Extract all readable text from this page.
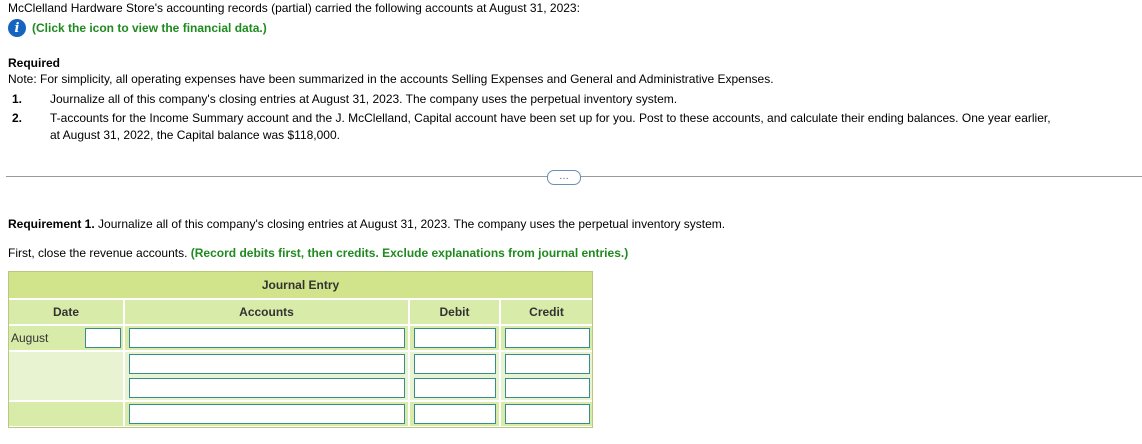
McClelland Hardware Store's accounting records (partial) carried the following accounts at August 31, 2023:
i	(Click the icon to view the financial data.)
Required
Note: For simplicity, all operating expenses have been summarized in the accounts Selling Expenses and General and Administrative Expenses.
1. Journalize all of this company's closing entries at August 31, 2023. The company uses the perpetual inventory system.
2. T-accounts for the Income Summary account and the J. McClelland, Capital account have been set up for you. Post to these accounts, and calculate their ending balances. One year earlier,
at August 31, 2022, the Capital balance was $118,000.
…
Requirement 1. Journalize all of this company's closing entries at August 31, 2023. The company uses the perpetual inventory system.
First, close the revenue accounts. (Record debits first, then credits. Exclude explanations from journal entries.)
Journal Entry
Date	Accounts	Debit	Credit
August
